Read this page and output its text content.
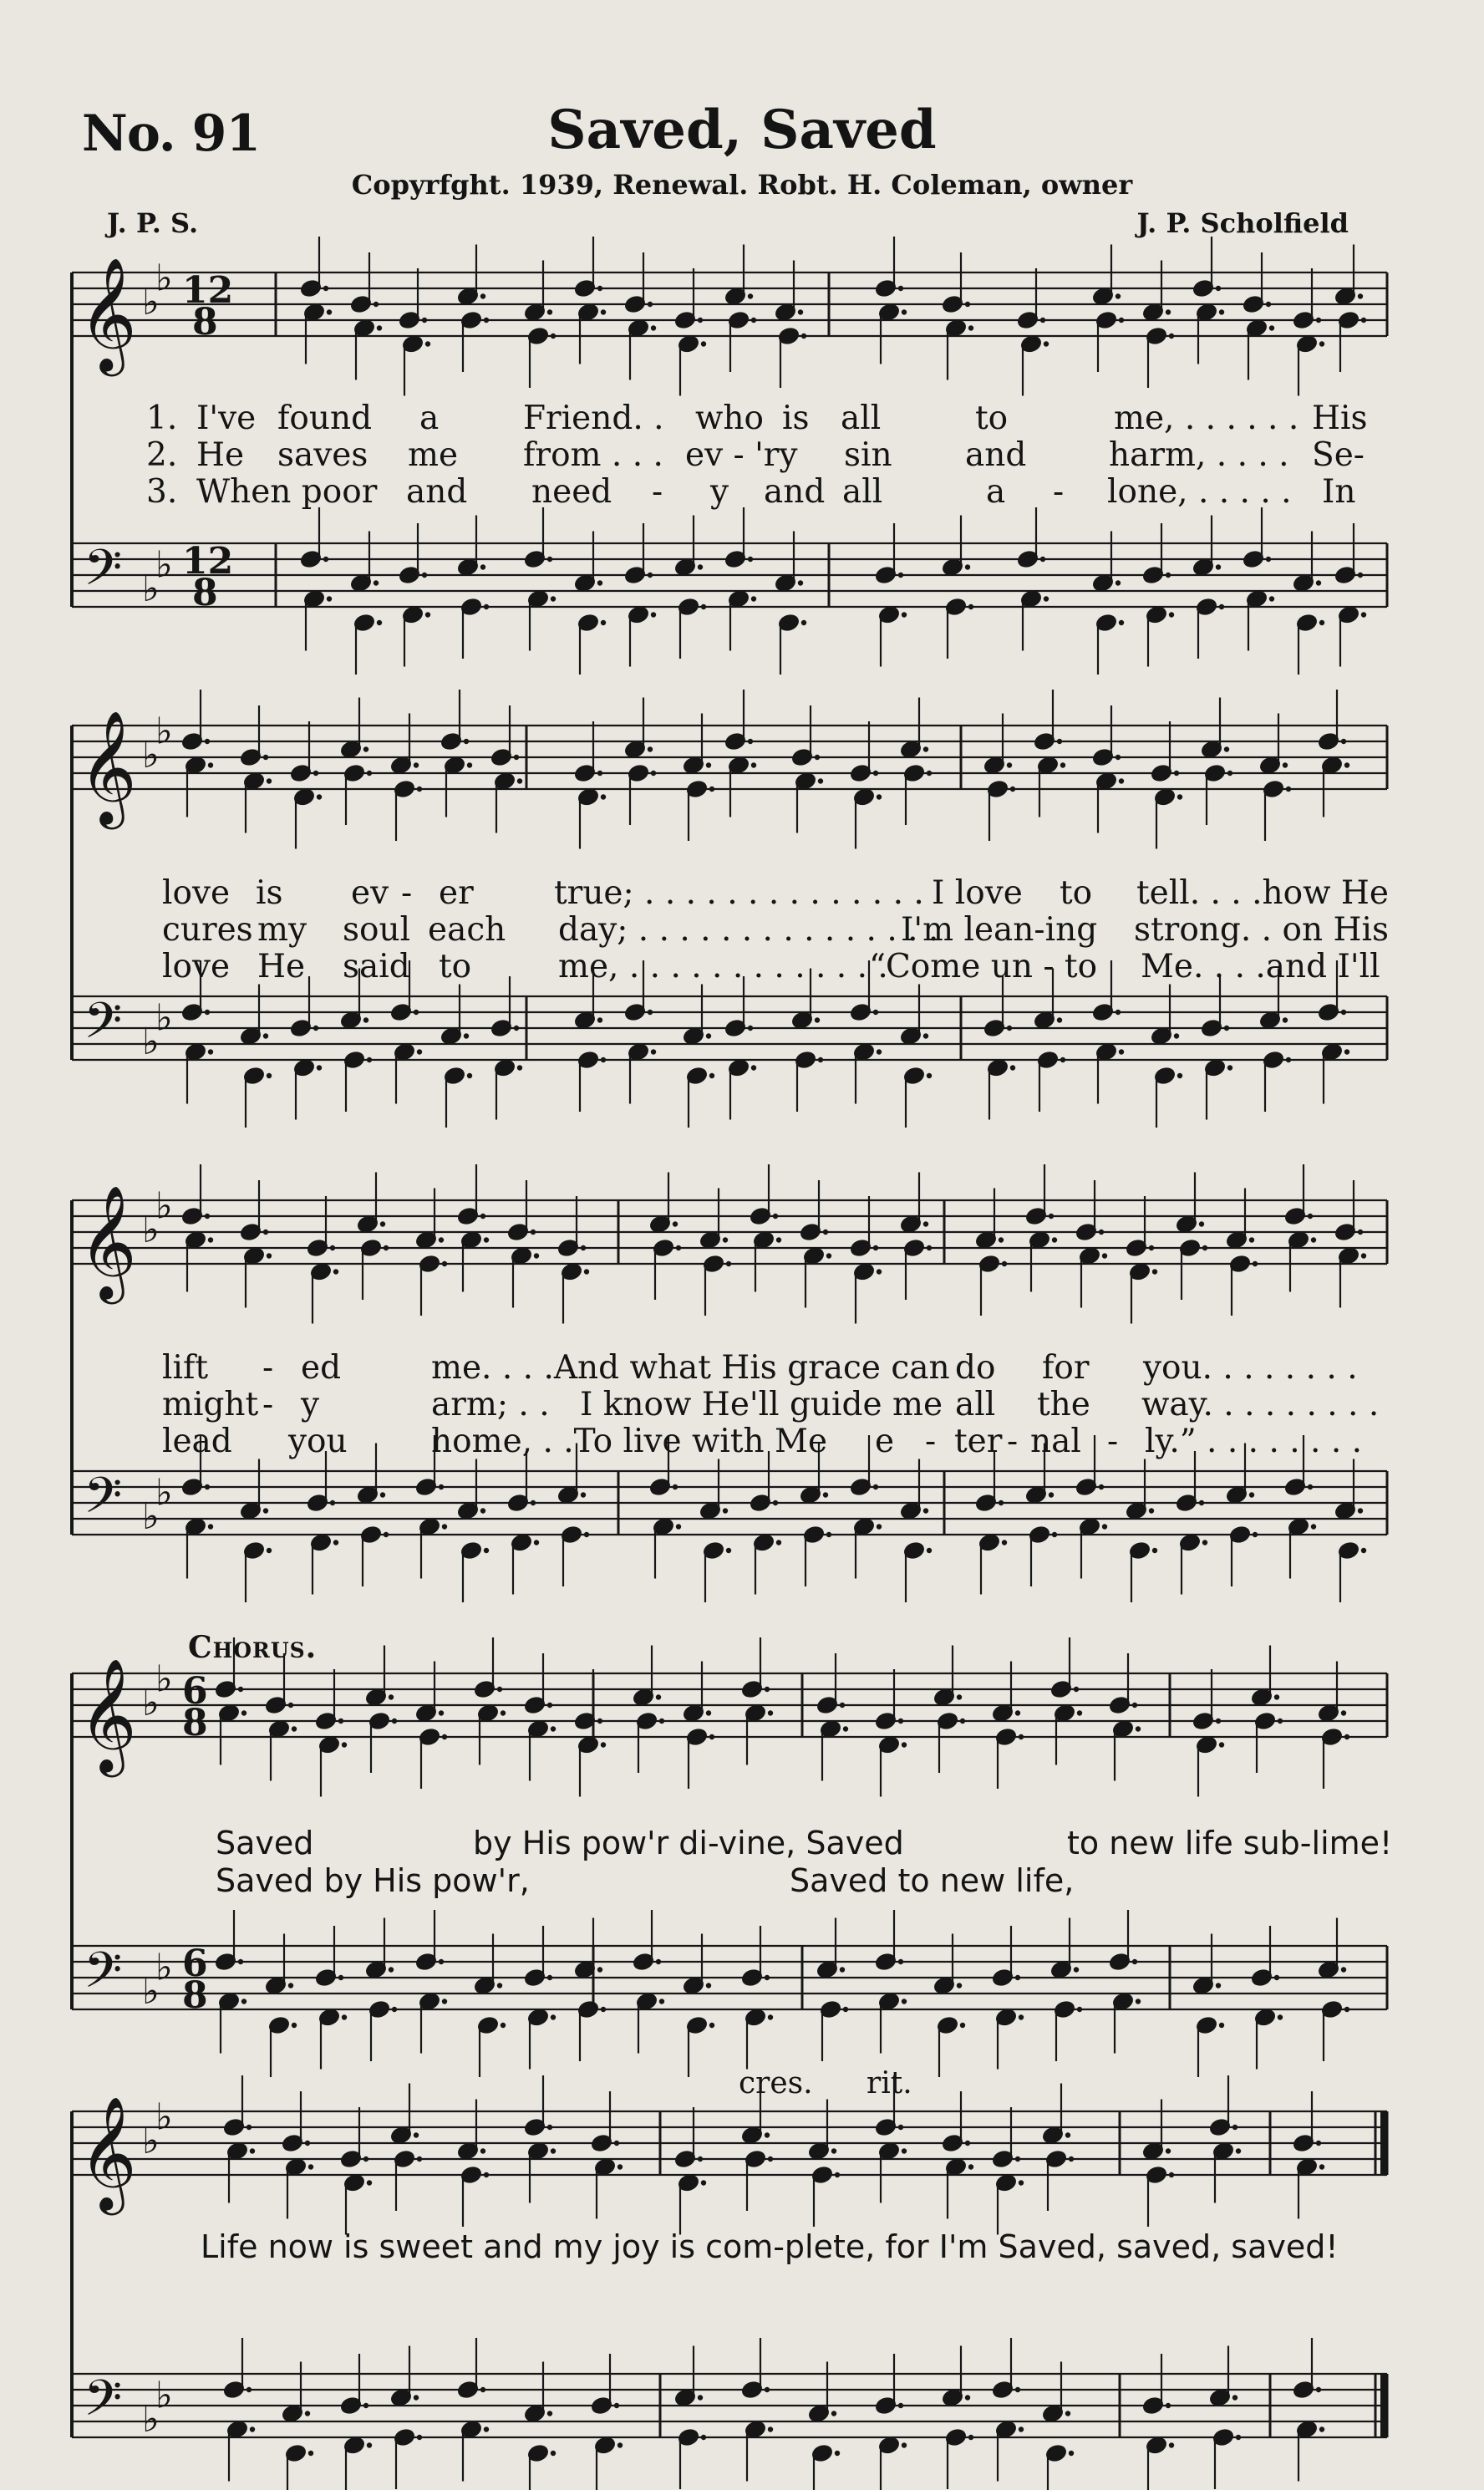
No. 91	Saved, Saved
Copyrfght. 1939, Renewal. Robt. H. Coleman, owner
J. P. S.	J. P. Scholfield
𝄞
𝄢
♭
♭
♭
♭
12
8
12
8
𝄞
𝄢
♭
♭
♭
♭
𝄞
𝄢
♭
♭
♭
♭
𝄞
𝄢
♭
♭
♭
♭
6
8
6
8
𝄞
𝄢
♭
♭
♭
♭
1. I've found a	Friend. . who is all	to	me, . . . . . . His
2. He saves me from . . . ev - 'ry sin and	harm, . . . . Se-
3. When poor and need - y and all	a - lone, . . . . . In
love is ev - er true; . . . . . . . . . . . . . . I love to tell. . . .how He
cures my soul each day; . . . . . . . . . . . . . . .
I'm lean-ing strong. . on His
love He said to	me, . . . . . . . . . . . . .
“Come un - to Me. . . .and I'll
lift - ed	me. . . .And what His grace can do for you. . . . . . . .
might - y	arm; . . I know He'll guide me all the way. . . . . . . . .
lead you	home, . .To live with Me e - ter - nal - ly.” . . . . . . . .
Chorus.
Saved	by His pow'r di-vine, Saved	to new life sub-lime!
Saved by His pow'r,	Saved to new life,
cres. rit.
Life now is sweet and my joy is com-plete, for I'm Saved, saved, saved!
